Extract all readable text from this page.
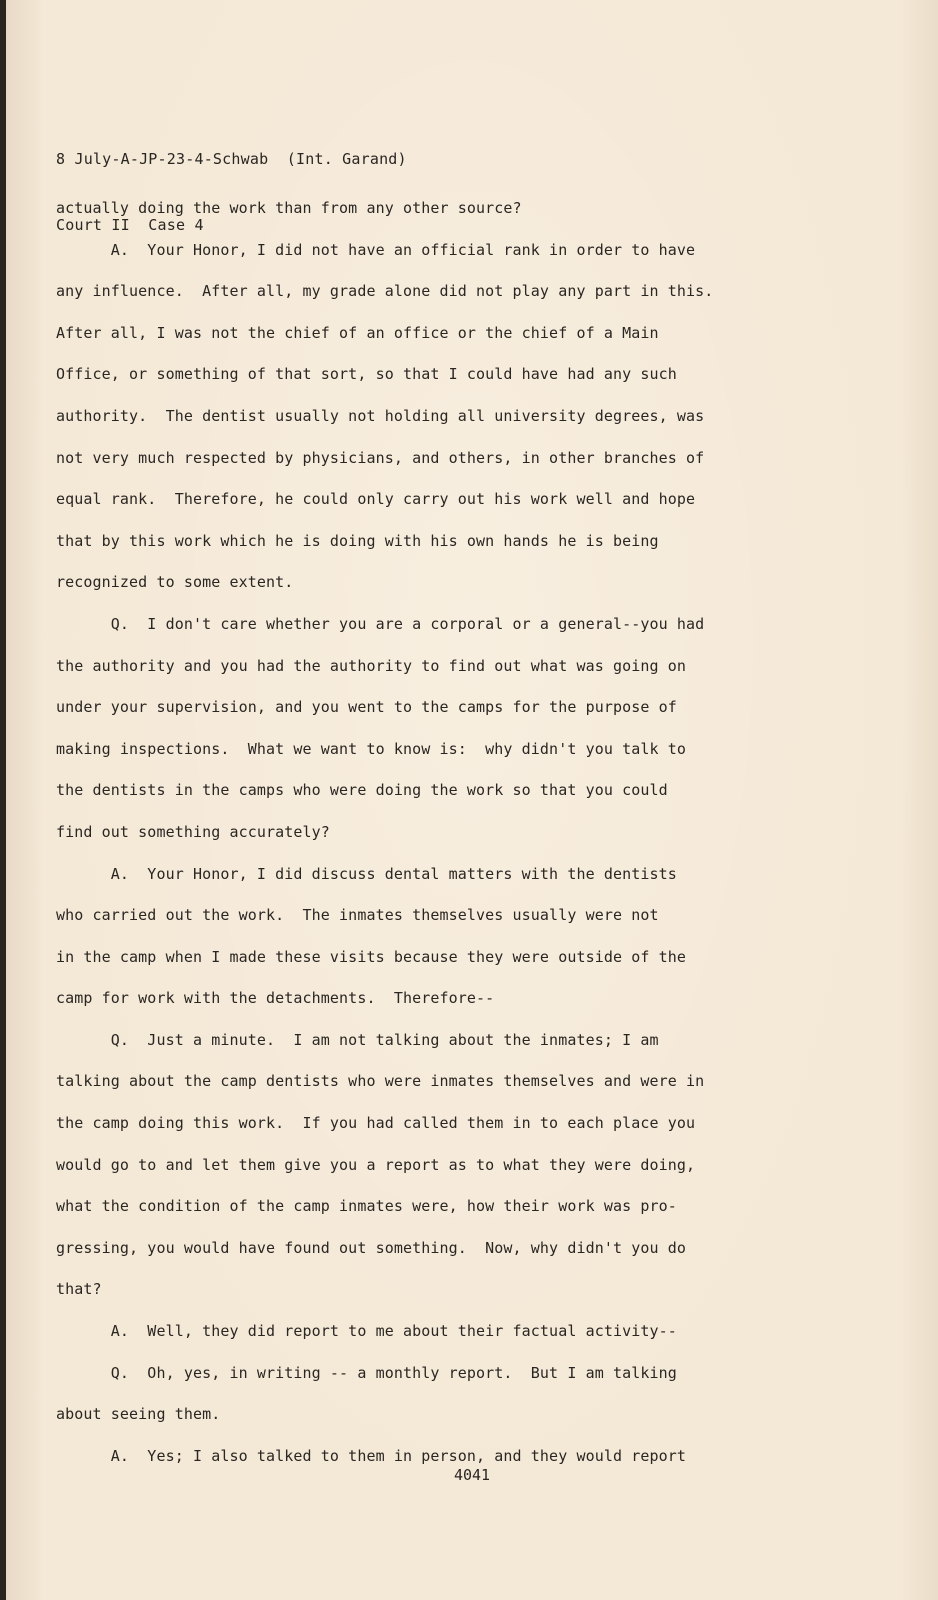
8 July-A-JP-23-4-Schwab  (Int. Garand)

Court II  Case 4

actually doing the work than from any other source?
A.  Your Honor, I did not have an official rank in order to have
any influence.  After all, my grade alone did not play any part in this.
After all, I was not the chief of an office or the chief of a Main
Office, or something of that sort, so that I could have had any such
authority.  The dentist usually not holding all university degrees, was
not very much respected by physicians, and others, in other branches of
equal rank.  Therefore, he could only carry out his work well and hope
that by this work which he is doing with his own hands he is being
recognized to some extent.
Q.  I don't care whether you are a corporal or a general--you had
the authority and you had the authority to find out what was going on
under your supervision, and you went to the camps for the purpose of
making inspections.  What we want to know is:  why didn't you talk to
the dentists in the camps who were doing the work so that you could
find out something accurately?
A.  Your Honor, I did discuss dental matters with the dentists
who carried out the work.  The inmates themselves usually were not
in the camp when I made these visits because they were outside of the
camp for work with the detachments.  Therefore--
Q.  Just a minute.  I am not talking about the inmates; I am
talking about the camp dentists who were inmates themselves and were in
the camp doing this work.  If you had called them in to each place you
would go to and let them give you a report as to what they were doing,
what the condition of the camp inmates were, how their work was pro-
gressing, you would have found out something.  Now, why didn't you do
that?
A.  Well, they did report to me about their factual activity--
Q.  Oh, yes, in writing -- a monthly report.  But I am talking
about seeing them.
A.  Yes; I also talked to them in person, and they would report
4041
